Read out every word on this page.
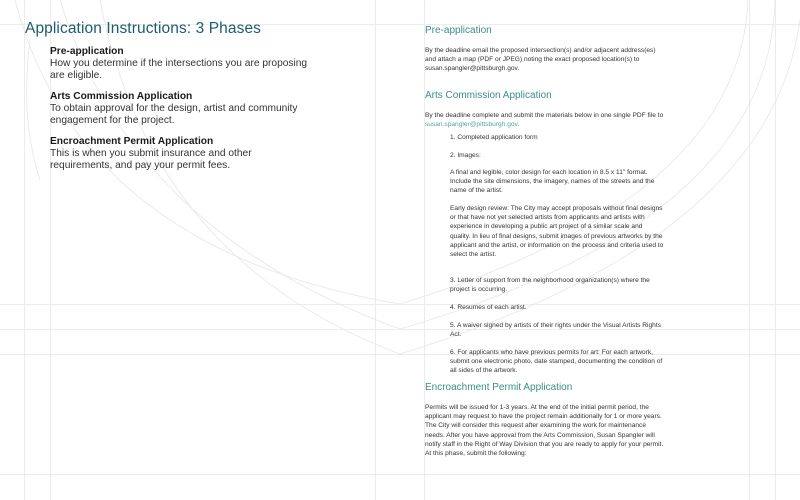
Application Instructions: 3 Phases
Pre-application
How you determine if the intersections you are proposing are eligible.
Arts Commission Application
To obtain approval for the design, artist and community engagement for the project.
Encroachment Permit Application
This is when you submit insurance and other requirements, and pay your permit fees.
Pre-application
By the deadline email the proposed intersection(s) and/or adjacent address(es) and attach a map (PDF or JPEG) noting the exact proposed location(s) to susan.spangler@pittsburgh.gov.
Arts Commission Application
By the deadline complete and submit the materials below in one single PDF file to susan.spangler@pittsburgh.gov.
1. Completed application form
2. Images:
A final and legible, color design for each location in 8.5 x 11" format. Include the site dimensions, the imagery, names of the streets and the name of the artist.
Early design review: The City may accept proposals without final designs or that have not yet selected artists from applicants and artists with experience in developing a public art project of a similar scale and quality. In lieu of final designs, submit images of previous artworks by the applicant and the artist, or information on the process and criteria used to select the artist.
3. Letter of support from the neighborhood organization(s) where the project is occurring.
4. Resumes of each artist.
5. A waiver signed by artists of their rights under the Visual Artists Rights Act.
6. For applicants who have previous permits for art: For each artwork, submit one electronic photo, date stamped, documenting the condition of all sides of the artwork.
Encroachment Permit Application
Permits will be issued for 1-3 years. At the end of the initial permit period, the applicant may request to have the project remain additionally for 1 or more years. The City will consider this request after examining the work for maintenance needs. After you have approval from the Arts Commission, Susan Spangler will notify staff in the Right of Way Division that you are ready to apply for your permit. At this phase, submit the following:
